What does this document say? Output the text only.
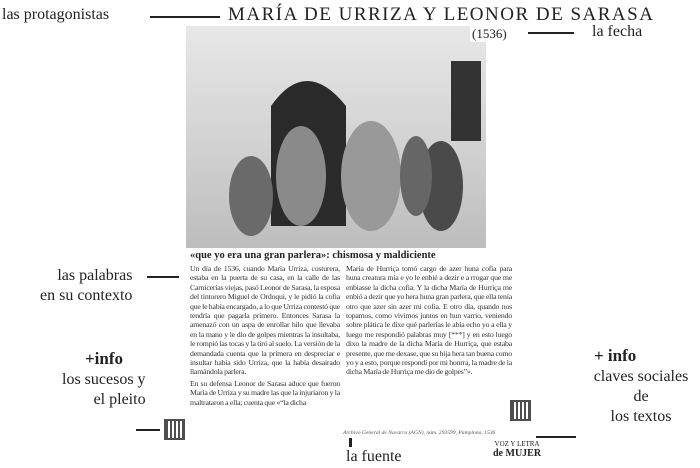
las protagonistas	MARÍA DE URRIZA Y LEONOR DE SARASA
(1536)	la fecha
«que yo era una gran parlera»: chismosa y maldiciente

Un día de 1536, cuando María Urriza, costurera, estaba en la puerta de su casa, en la calle de las Carnicerías viejas, pasó Leonor de Sarasa, la esposa del tintorero Miguel de Ordoqui, y le pidió la cofia que le había encargado, a lo que Urriza contestó que tendría que pagarla primero. Entonces Sarasa la amenazó con un aspa de enrollar hilo que llevaba en la mano y le dio de golpes mientras la insultaba, le rompió las tocas y la tiró al suelo. La versión de la demandada cuenta que la primera en despreciar e insultar había sido Urriza, que la había desairado llamándola parlera.

En su defensa Leonor de Sarasa aduce que fueron María de Urriza y su madre las que la injuriaron y la maltrataron a ella; cuenta que «“la dicha

María de Hurriça tomó cargo de azer huna cofia para huna creatura mía e yo le enbié a dezir e a rrogar que me enbiasse la dicha cofia. Y la dicha María de Hurriça me enbió a dezir que yo hera huna gran parlera, que ella tenía otro que azer sin azer mi cofia. E otro día, quando nos topamos, como vivimos juntos en hun varrio, veniendo sobre plática le dixe qué parlerías le abía echo yo a ella y luego me respondió palabras muy [***] y en esto luego dixo la madre de la dicha María de Hurriça, que estaba presente, que me dexase, que su hija hera tan buena como yo y a esto, porque respondí por mi honrra, la madre de la dicha María de Hurriça me dio de golpes”».

Archivo General de Navarra (AGN), núm. 293599, Pamplona, 1536
las palabras
en su contexto
+info
los sucesos y
el pleito
la fuente
VOZ Y LETRA
de MUJER
+ info
claves sociales
de
los textos
